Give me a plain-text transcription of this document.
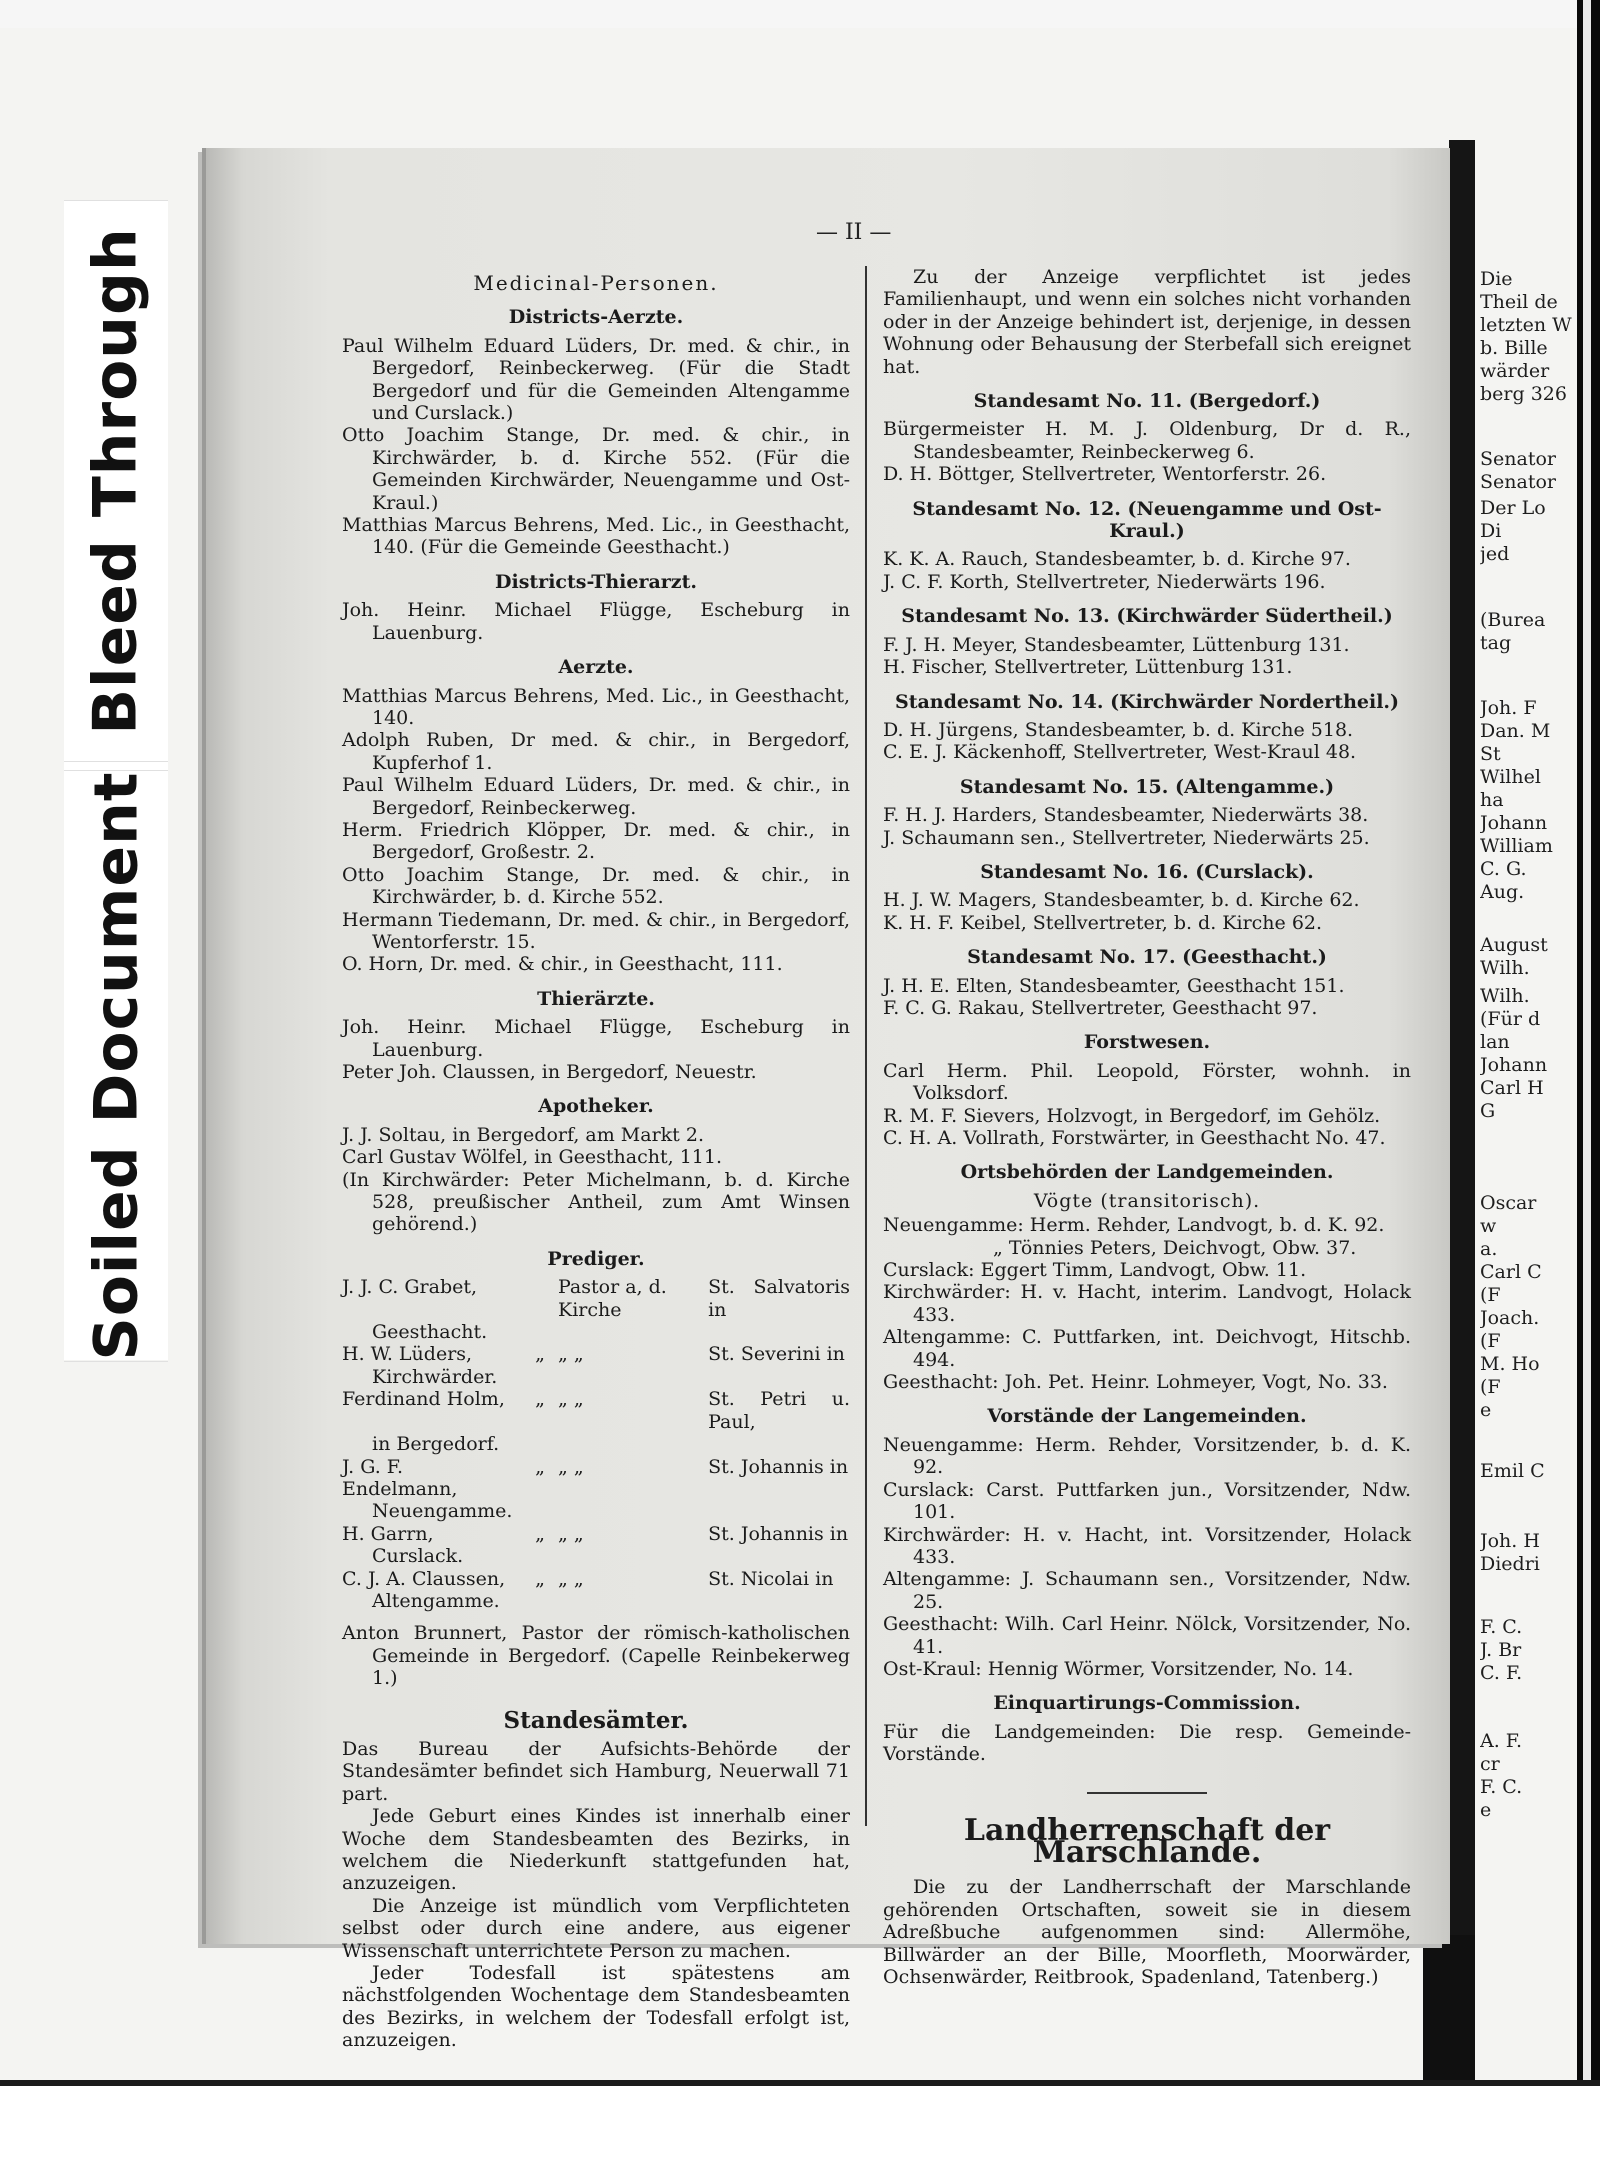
Bleed Through
Soiled Document
— II —
Medicinal-Personen.
Districts-Aerzte.
Paul Wilhelm Eduard Lüders, Dr. med. & chir., in Bergedorf, Reinbeckerweg. (Für die Stadt Bergedorf und für die Gemeinden Altengamme und Curslack.)
Otto Joachim Stange, Dr. med. & chir., in Kirchwärder, b. d. Kirche 552. (Für die Gemeinden Kirchwärder, Neuengamme und Ost-Kraul.)
Matthias Marcus Behrens, Med. Lic., in Geesthacht, 140. (Für die Gemeinde Geesthacht.)
Districts-Thierarzt.
Joh. Heinr. Michael Flügge, Escheburg in Lauenburg.
Aerzte.
Matthias Marcus Behrens, Med. Lic., in Geesthacht, 140.
Adolph Ruben, Dr med. & chir., in Bergedorf, Kupferhof 1.
Paul Wilhelm Eduard Lüders, Dr. med. & chir., in Bergedorf, Reinbeckerweg.
Herm. Friedrich Klöpper, Dr. med. & chir., in Bergedorf, Großestr. 2.
Otto Joachim Stange, Dr. med. & chir., in Kirchwärder, b. d. Kirche 552.
Hermann Tiedemann, Dr. med. & chir., in Bergedorf, Wentorferstr. 15.
O. Horn, Dr. med. & chir., in Geesthacht, 111.
Thierärzte.
Joh. Heinr. Michael Flügge, Escheburg in Lauenburg.
Peter Joh. Claussen, in Bergedorf, Neuestr.
Apotheker.
J. J. Soltau, in Bergedorf, am Markt 2.
Carl Gustav Wölfel, in Geesthacht, 111.
(In Kirchwärder: Peter Michelmann, b. d. Kirche 528, preußischer Antheil, zum Amt Winsen gehörend.)
Prediger.
J. J. C. Grabet,		Pastor a, d. Kirche	St. Salvatoris in
Geesthacht.			
H. W. Lüders,	„	„ „	St. Severini in
Kirchwärder.			
Ferdinand Holm,	„	„ „	St. Petri u. Paul,
in Bergedorf.			
J. G. F. Endelmann,	„	„ „	St. Johannis in
Neuengamme.			
H. Garrn,	„	„ „	St. Johannis in
Curslack.			
C. J. A. Claussen,	„	„ „	St. Nicolai in
Altengamme.			
Anton Brunnert, Pastor der römisch-katholischen Gemeinde in Bergedorf. (Capelle Reinbekerweg 1.)
Standesämter.
Das Bureau der Aufsichts-Behörde der Standesämter befindet sich Hamburg, Neuerwall 71 part.
Jede Geburt eines Kindes ist innerhalb einer Woche dem Standesbeamten des Bezirks, in welchem die Niederkunft stattgefunden hat, anzuzeigen.
Die Anzeige ist mündlich vom Verpflichteten selbst oder durch eine andere, aus eigener Wissenschaft unterrichtete Person zu machen.
Jeder Todesfall ist spätestens am nächstfolgenden Wochentage dem Standesbeamten des Bezirks, in welchem der Todesfall erfolgt ist, anzuzeigen.
Zu der Anzeige verpflichtet ist jedes Familienhaupt, und wenn ein solches nicht vorhanden oder in der Anzeige behindert ist, derjenige, in dessen Wohnung oder Behausung der Sterbefall sich ereignet hat.
Standesamt No. 11. (Bergedorf.)
Bürgermeister H. M. J. Oldenburg, Dr d. R., Standesbeamter, Reinbeckerweg 6.
D. H. Böttger, Stellvertreter, Wentorferstr. 26.
Standesamt No. 12. (Neuengamme und Ost-Kraul.)
K. K. A. Rauch, Standesbeamter, b. d. Kirche 97.
J. C. F. Korth, Stellvertreter, Niederwärts 196.
Standesamt No. 13. (Kirchwärder Südertheil.)
F. J. H. Meyer, Standesbeamter, Lüttenburg 131.
H. Fischer, Stellvertreter, Lüttenburg 131.
Standesamt No. 14. (Kirchwärder Nordertheil.)
D. H. Jürgens, Standesbeamter, b. d. Kirche 518.
C. E. J. Käckenhoff, Stellvertreter, West-Kraul 48.
Standesamt No. 15. (Altengamme.)
F. H. J. Harders, Standesbeamter, Niederwärts 38.
J. Schaumann sen., Stellvertreter, Niederwärts 25.
Standesamt No. 16. (Curslack).
H. J. W. Magers, Standesbeamter, b. d. Kirche 62.
K. H. F. Keibel, Stellvertreter, b. d. Kirche 62.
Standesamt No. 17. (Geesthacht.)
J. H. E. Elten, Standesbeamter, Geesthacht 151.
F. C. G. Rakau, Stellvertreter, Geesthacht 97.
Forstwesen.
Carl Herm. Phil. Leopold, Förster, wohnh. in Volksdorf.
R. M. F. Sievers, Holzvogt, in Bergedorf, im Gehölz.
C. H. A. Vollrath, Forstwärter, in Geesthacht No. 47.
Ortsbehörden der Landgemeinden.
Vögte (transitorisch).
Neuengamme: Herm. Rehder, Landvogt, b. d. K. 92.
„ Tönnies Peters, Deichvogt, Obw. 37.
Curslack: Eggert Timm, Landvogt, Obw. 11.
Kirchwärder: H. v. Hacht, interim. Landvogt, Holack 433.
Altengamme: C. Puttfarken, int. Deichvogt, Hitschb. 494.
Geesthacht: Joh. Pet. Heinr. Lohmeyer, Vogt, No. 33.
Vorstände der Langemeinden.
Neuengamme: Herm. Rehder, Vorsitzender, b. d. K. 92.
Curslack: Carst. Puttfarken jun., Vorsitzender, Ndw. 101.
Kirchwärder: H. v. Hacht, int. Vorsitzender, Holack 433.
Altengamme: J. Schaumann sen., Vorsitzender, Ndw. 25.
Geesthacht: Wilh. Carl Heinr. Nölck, Vorsitzender, No. 41.
Ost-Kraul: Hennig Wörmer, Vorsitzender, No. 14.
Einquartirungs-Commission.
Für die Landgemeinden: Die resp. Gemeinde-Vorstände.
Landherrenschaft der Marschlande.
Die zu der Landherrschaft der Marschlande gehörenden Ortschaften, soweit sie in diesem Adreßbuche aufgenommen sind: Allermöhe, Billwärder an der Bille, Moorfleth, Moorwärder, Ochsenwärder, Reitbrook, Spadenland, Tatenberg.)
Die
Theil de
letzten W
b. Bille
wärder
berg 326
Senator
Senator
Der Lo
Di
jed
(Burea
tag
Joh. F
Dan. M
St
Wilhel
ha
Johann
William
C. G.
Aug.
August
Wilh.
Wilh.
(Für d
lan
Johann
Carl H
G
Oscar
w
a.
Carl C
(F
Joach.
(F
M. Ho
(F
e
Emil C
Joh. H
Diedri
F. C.
J. Br
C. F.
A. F.
cr
F. C.
e
